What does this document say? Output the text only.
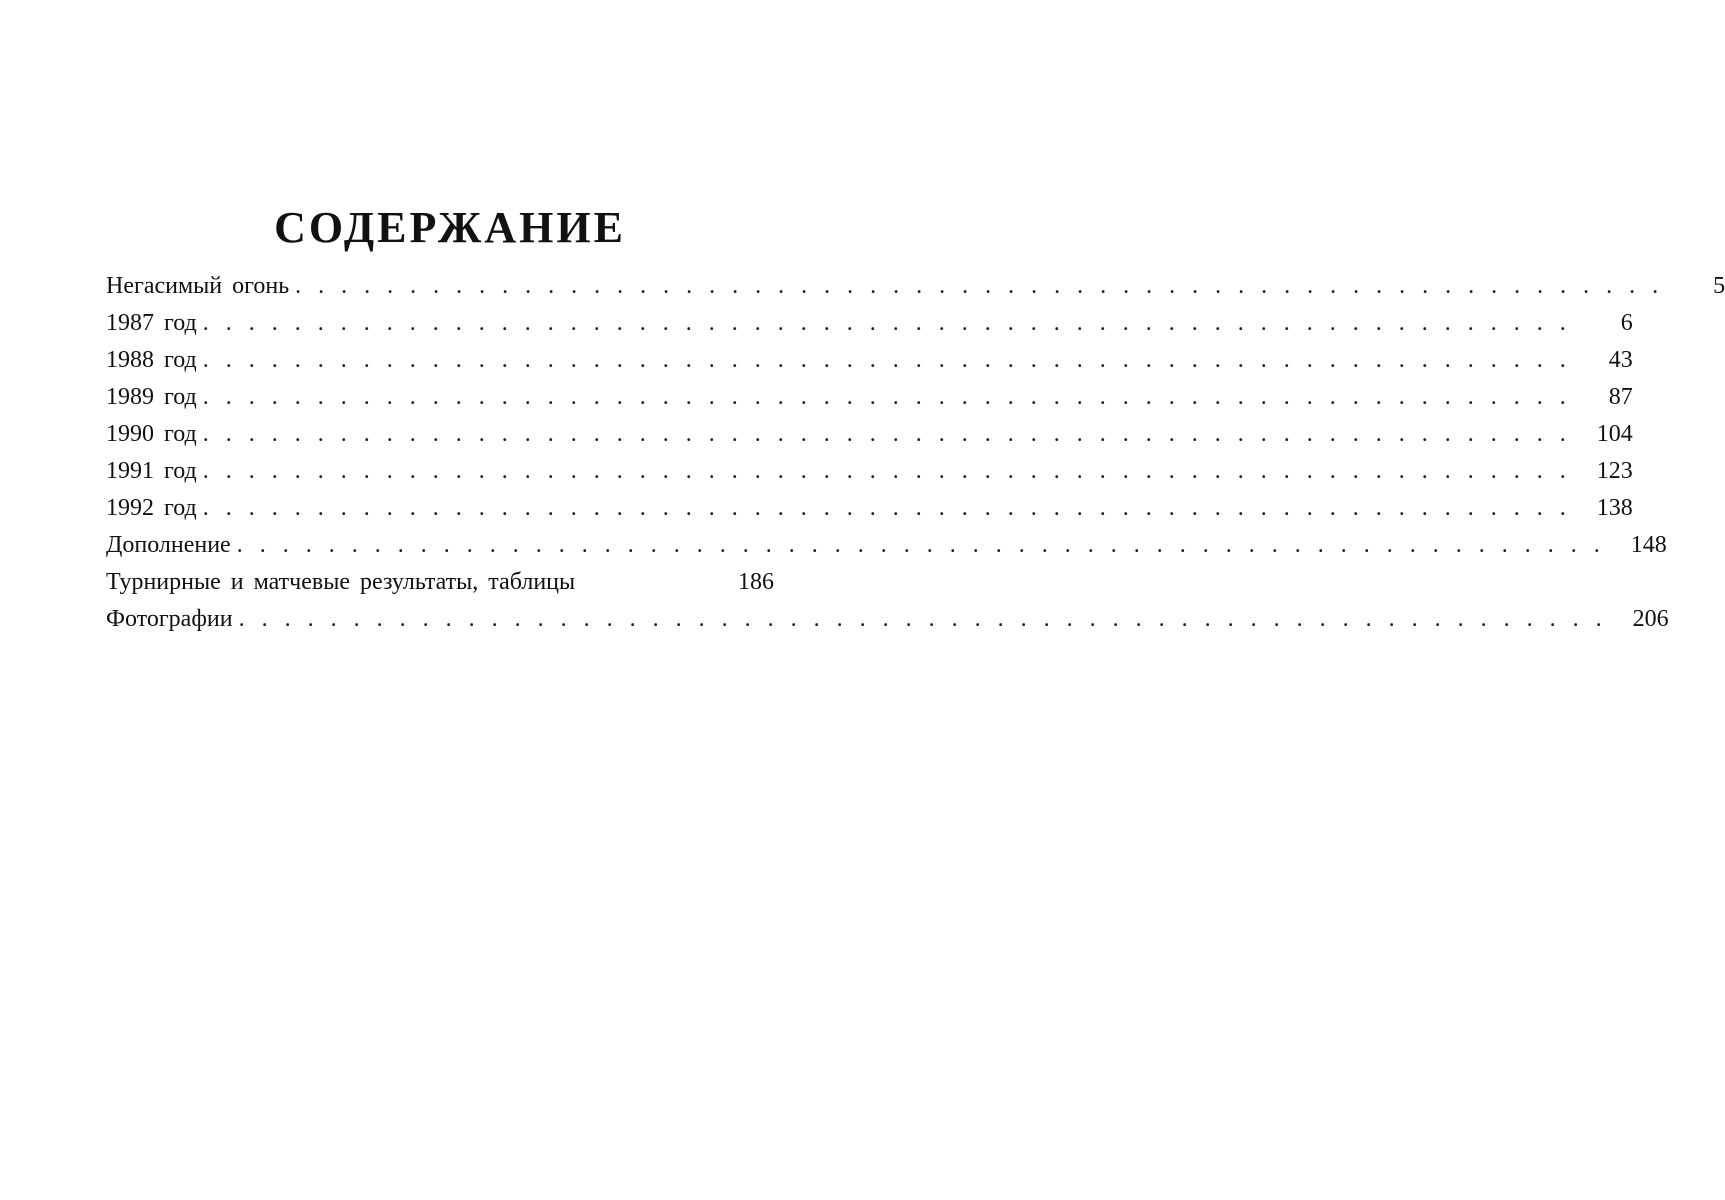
СОДЕРЖАНИЕ
Негасимый огонь ............................................................	5
1987 год ............................................................	6
1988 год ............................................................	43
1989 год ............................................................	87
1990 год ............................................................ 104
1991 год ............................................................ 123
1992 год ............................................................ 138
Дополнение ............................................................ 148
Турнирные и матчевые результаты, таблицы	186
Фотографии ............................................................ 206
